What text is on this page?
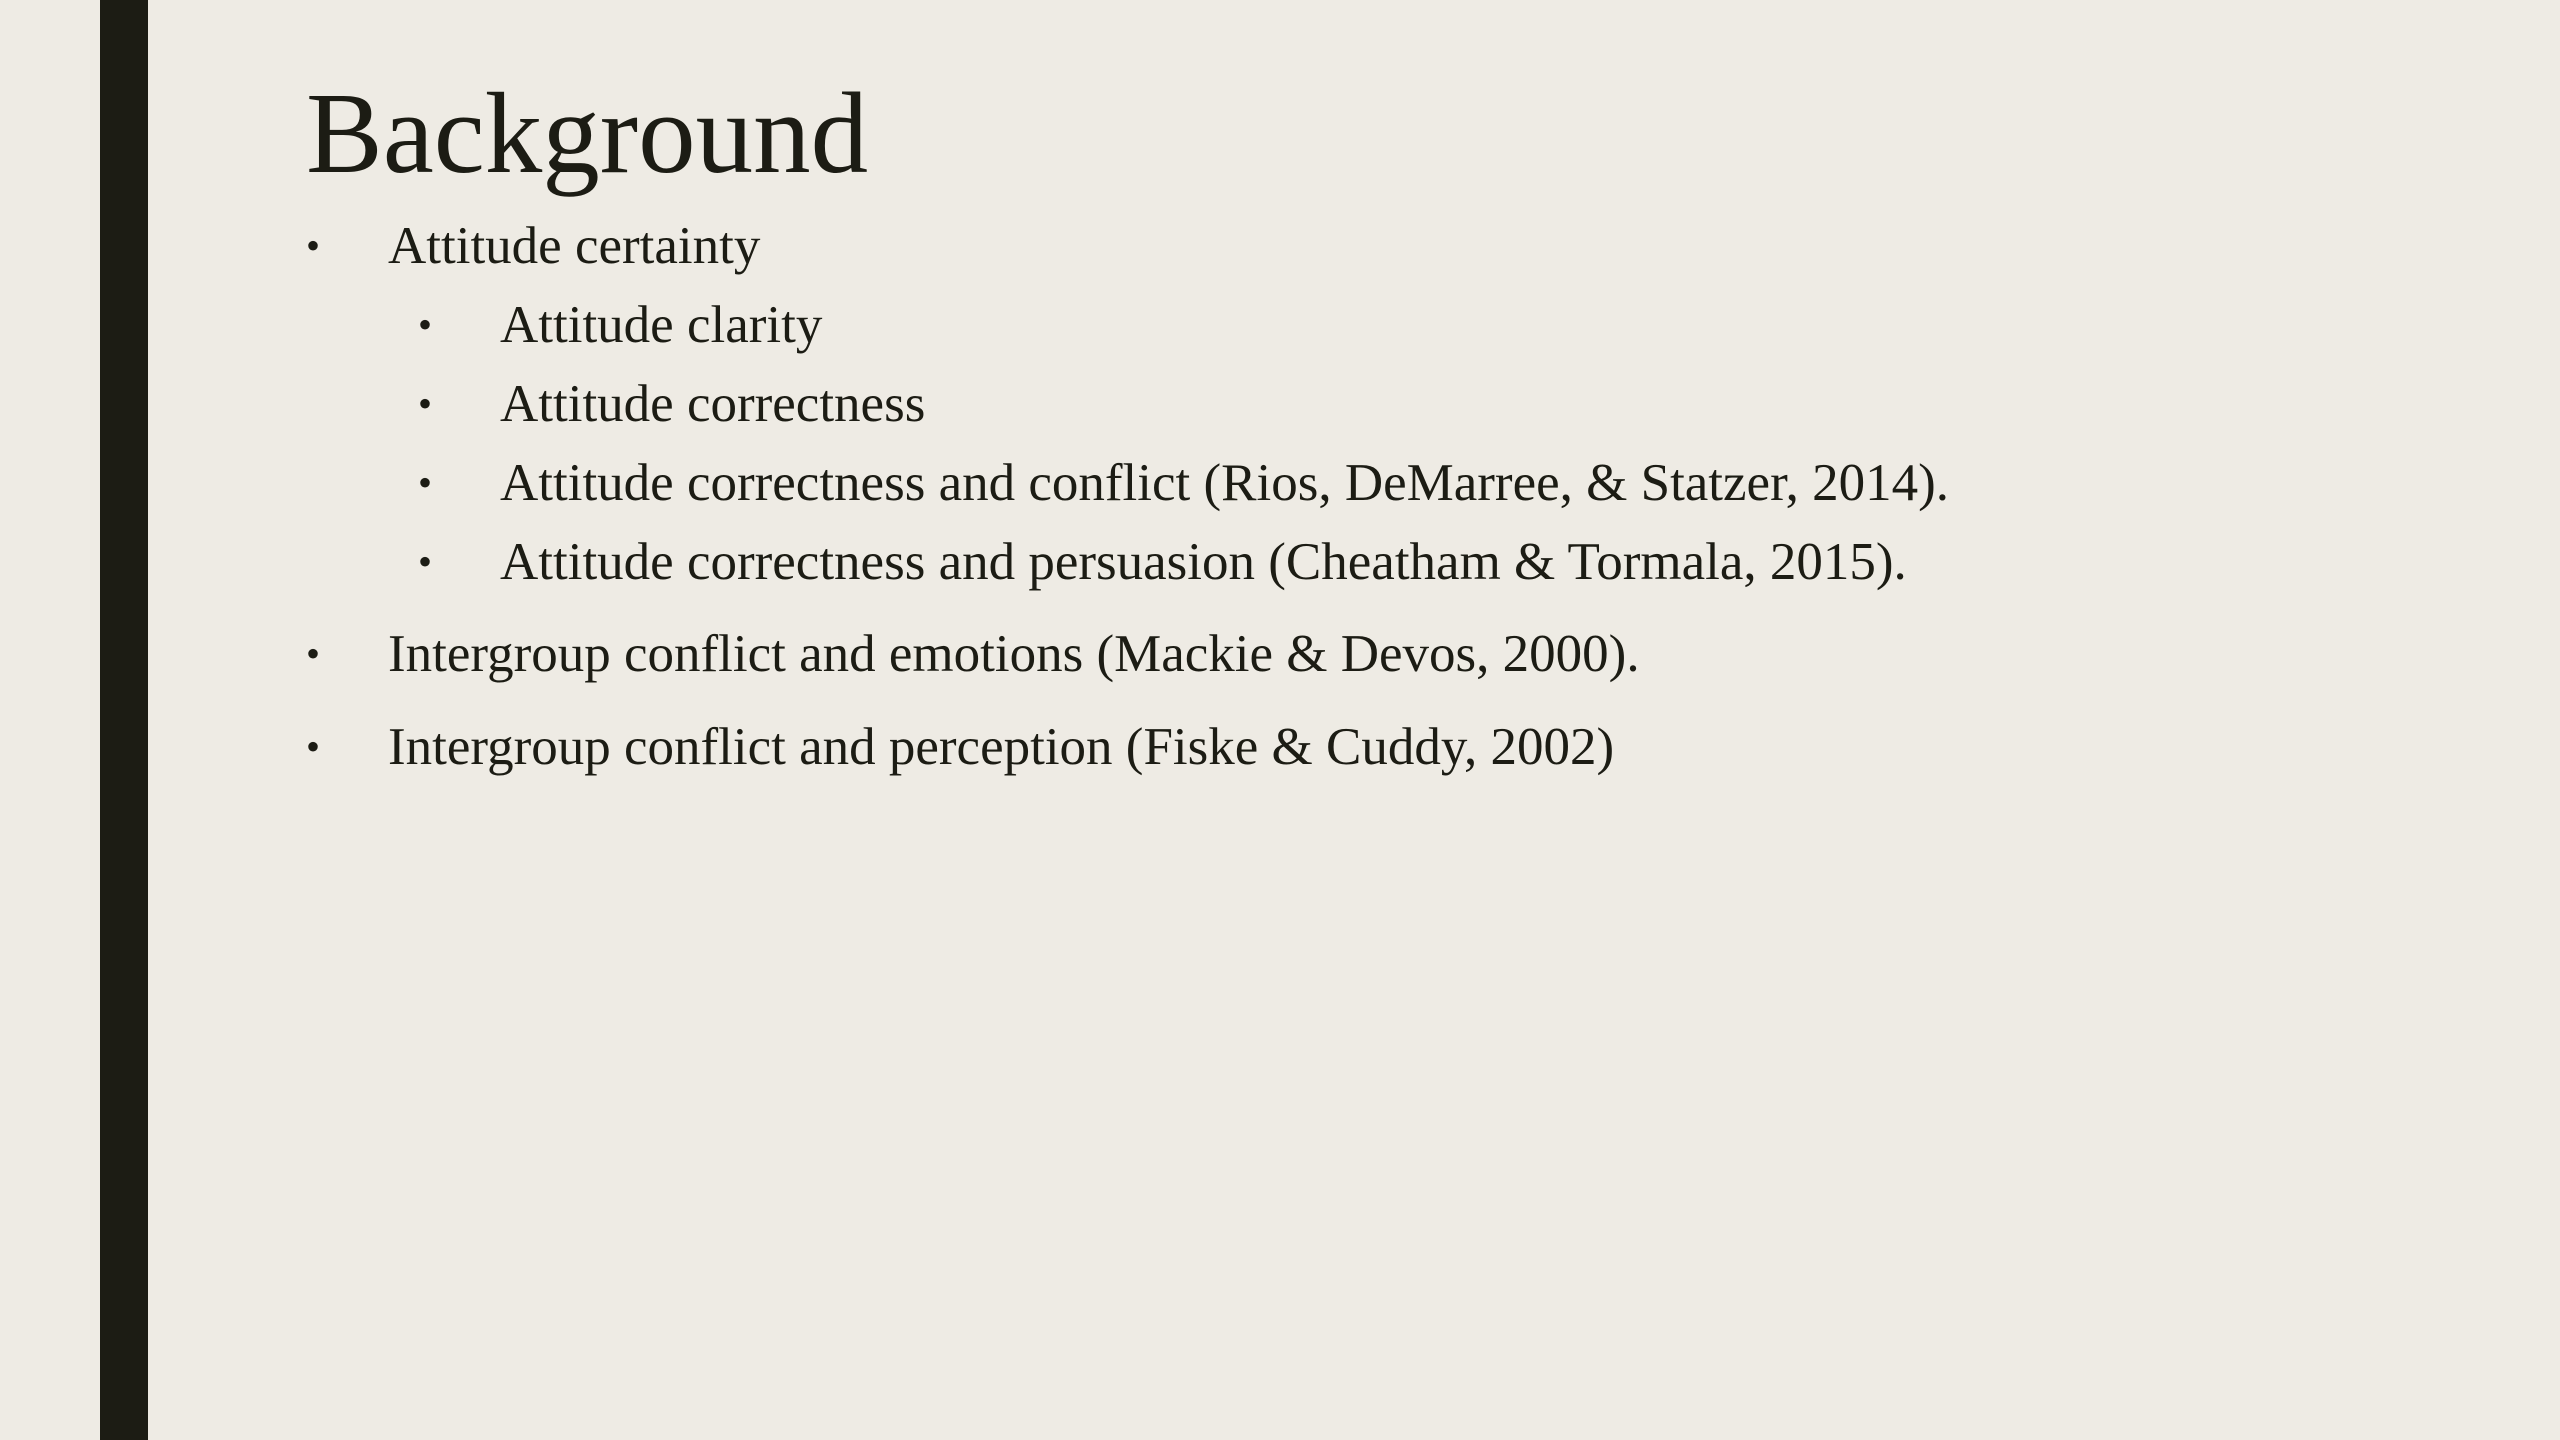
Background
• Attitude certainty
• Attitude clarity
• Attitude correctness
• Attitude correctness and conflict (Rios, DeMarree, & Statzer, 2014).
• Attitude correctness and persuasion (Cheatham & Tormala, 2015).
• Intergroup conflict and emotions (Mackie & Devos, 2000).
• Intergroup conflict and perception (Fiske & Cuddy, 2002)
